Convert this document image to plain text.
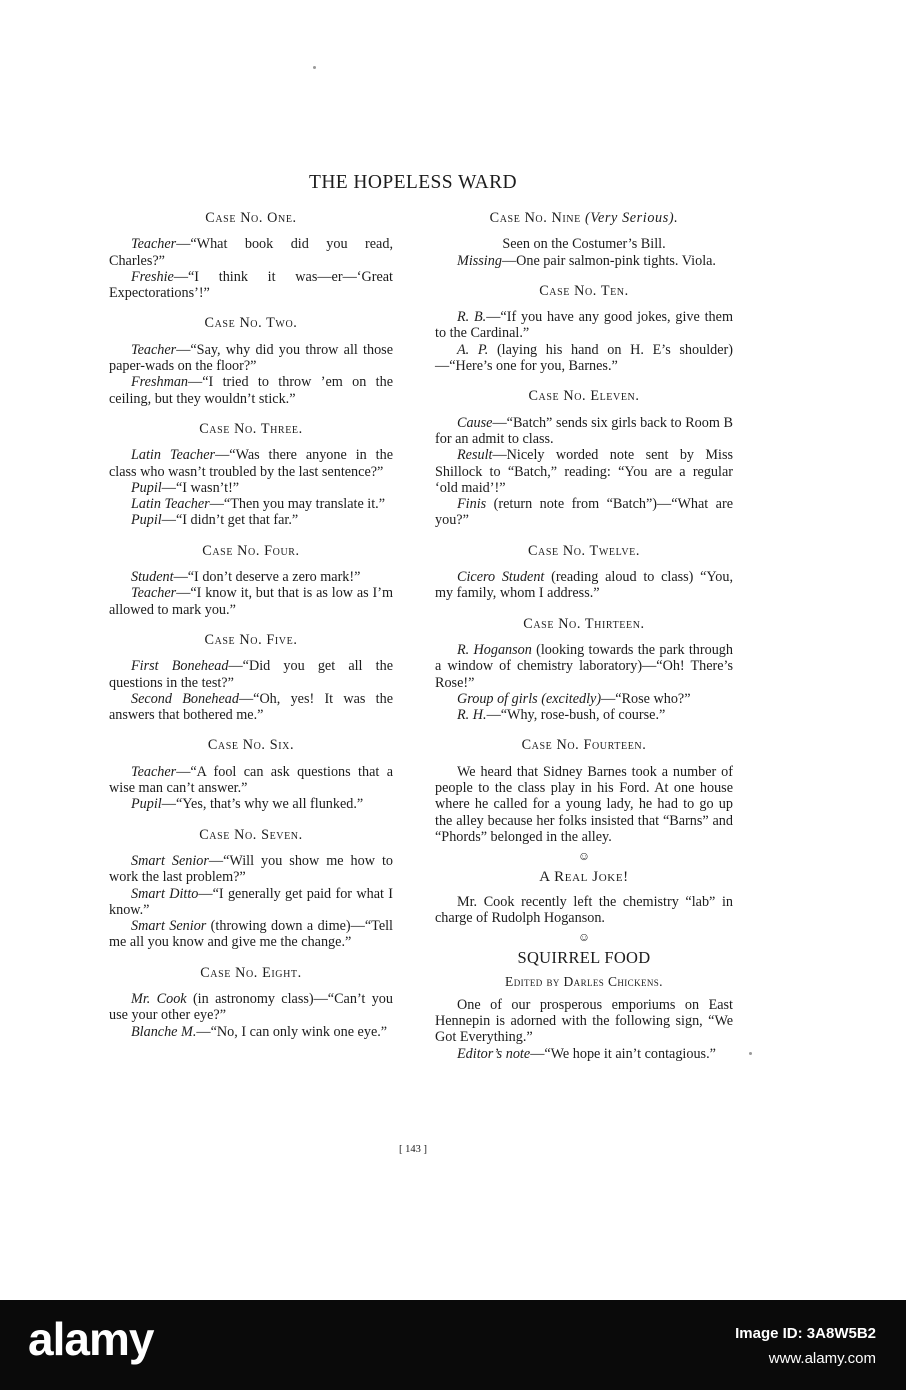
THE HOPELESS WARD
Case No. One.

Teacher—“What book did you read, Charles?”

Freshie—“I think it was—er—‘Great Expectorations’!”

Case No. Two.

Teacher—“Say, why did you throw all those paper-wads on the floor?”

Freshman—“I tried to throw ’em on the ceiling, but they wouldn’t stick.”

Case No. Three.

Latin Teacher—“Was there anyone in the class who wasn’t troubled by the last sentence?”

Pupil—“I wasn’t!”

Latin Teacher—“Then you may translate it.”

Pupil—“I didn’t get that far.”

Case No. Four.

Student—“I don’t deserve a zero mark!”

Teacher—“I know it, but that is as low as I’m allowed to mark you.”

Case No. Five.

First Bonehead—“Did you get all the questions in the test?”

Second Bonehead—“Oh, yes! It was the answers that bothered me.”

Case No. Six.

Teacher—“A fool can ask questions that a wise man can’t answer.”

Pupil—“Yes, that’s why we all flunked.”

Case No. Seven.

Smart Senior—“Will you show me how to work the last problem?”

Smart Ditto—“I generally get paid for what I know.”

Smart Senior (throwing down a dime)—“Tell me all you know and give me the change.”

Case No. Eight.

Mr. Cook (in astronomy class)—“Can’t you use your other eye?”

Blanche M.—“No, I can only wink one eye.”

Case No. Nine (Very Serious).

Seen on the Costumer’s Bill.

Missing—One pair salmon-pink tights. Viola.

Case No. Ten.

R. B.—“If you have any good jokes, give them to the Cardinal.”

A. P. (laying his hand on H. E’s shoulder)—“Here’s one for you, Barnes.”

Case No. Eleven.

Cause—“Batch” sends six girls back to Room B for an admit to class.

Result—Nicely worded note sent by Miss Shillock to “Batch,” reading: “You are a regular ‘old maid’!”

Finis (return note from “Batch”)—“What are you?”

Case No. Twelve.

Cicero Student (reading aloud to class) “You, my family, whom I address.”

Case No. Thirteen.

R. Hoganson (looking towards the park through a window of chemistry laboratory)—“Oh! There’s Rose!”

Group of girls (excitedly)—“Rose who?”

R. H.—“Why, rose-bush, of course.”

Case No. Fourteen.

We heard that Sidney Barnes took a number of people to the class play in his Ford. At one house where he called for a young lady, he had to go up the alley because her folks insisted that “Barns” and “Phords” belonged in the alley.

☺
A Real Joke!

Mr. Cook recently left the chemistry “lab” in charge of Rudolph Hoganson.

☺
SQUIRREL FOOD
Edited by Darles Chickens.

One of our prosperous emporiums on East Hennepin is adorned with the following sign, “We Got Everything.”

Editor’s note—“We hope it ain’t contagious.”

[ 143 ]
alamy	Image ID: 3A8W5B2
www.alamy.com
